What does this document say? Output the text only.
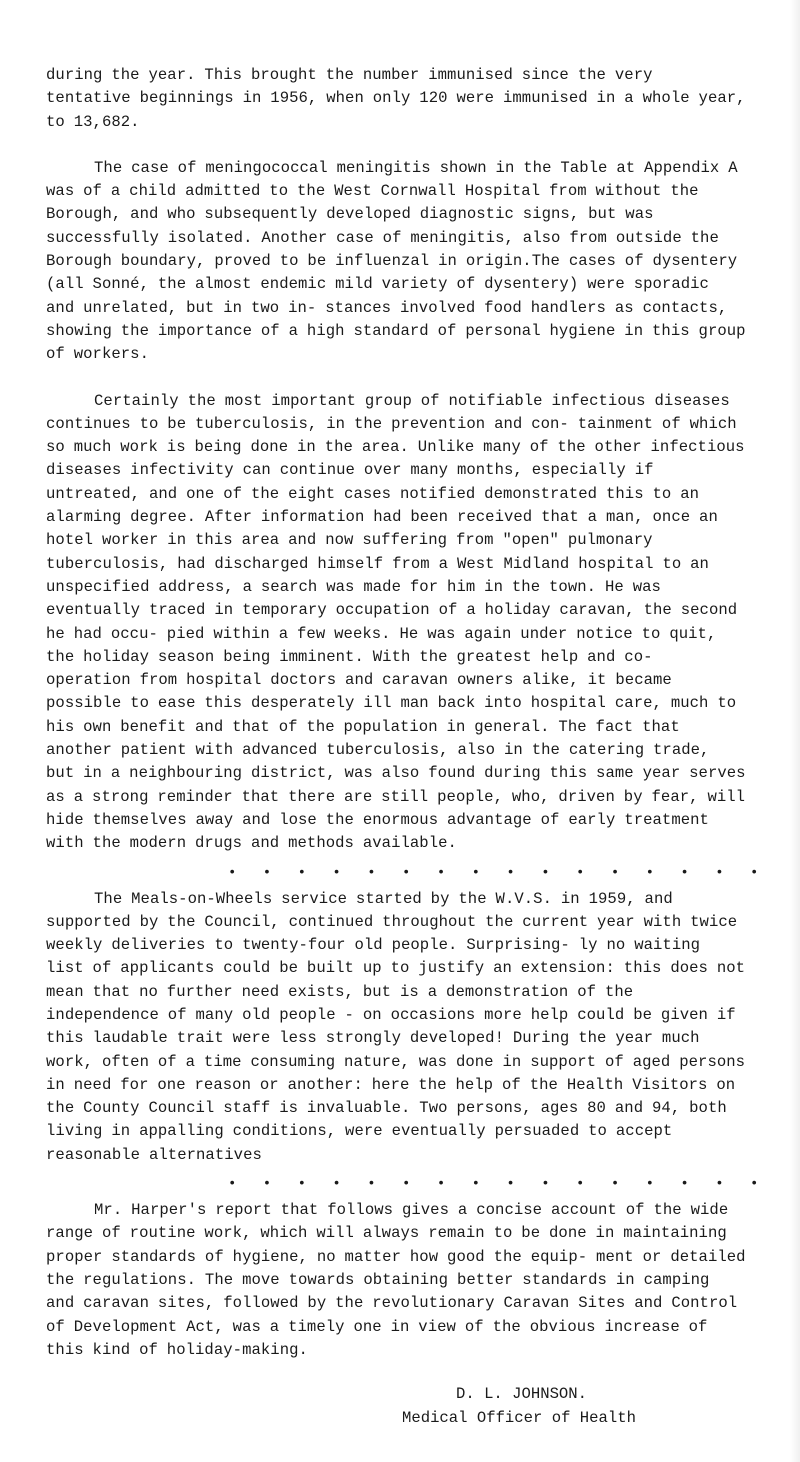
during the year. This brought the number immunised since the very tentative beginnings in 1956, when only 120 were immunised in a whole year, to 13,682.
The case of meningococcal meningitis shown in the Table at Appendix A was of a child admitted to the West Cornwall Hospital from without the Borough, and who subsequently developed diagnostic signs, but was successfully isolated. Another case of meningitis, also from outside the Borough boundary, proved to be influenzal in origin.The cases of dysentery (all Sonné, the almost endemic mild variety of dysentery) were sporadic and unrelated, but in two in- stances involved food handlers as contacts, showing the importance of a high standard of personal hygiene in this group of workers.
Certainly the most important group of notifiable infectious diseases continues to be tuberculosis, in the prevention and con- tainment of which so much work is being done in the area. Unlike many of the other infectious diseases infectivity can continue over many months, especially if untreated, and one of the eight cases notified demonstrated this to an alarming degree. After information had been received that a man, once an hotel worker in this area and now suffering from "open" pulmonary tuberculosis, had discharged himself from a West Midland hospital to an unspecified address, a search was made for him in the town. He was eventually traced in temporary occupation of a holiday caravan, the second he had occu- pied within a few weeks. He was again under notice to quit, the holiday season being imminent. With the greatest help and co- operation from hospital doctors and caravan owners alike, it became possible to ease this desperately ill man back into hospital care, much to his own benefit and that of the population in general. The fact that another patient with advanced tuberculosis, also in the catering trade, but in a neighbouring district, was also found during this same year serves as a strong reminder that there are still people, who, driven by fear, will hide themselves away and lose the enormous advantage of early treatment with the modern drugs and methods available.
• • • • • • • • • • • • • • • •
The Meals-on-Wheels service started by the W.V.S. in 1959, and supported by the Council, continued throughout the current year with twice weekly deliveries to twenty-four old people. Surprising- ly no waiting list of applicants could be built up to justify an extension: this does not mean that no further need exists, but is a demonstration of the independence of many old people - on occasions more help could be given if this laudable trait were less strongly developed! During the year much work, often of a time consuming nature, was done in support of aged persons in need for one reason or another: here the help of the Health Visitors on the County Council staff is invaluable. Two persons, ages 80 and 94, both living in appalling conditions, were eventually persuaded to accept reasonable alternatives
• • • • • • • • • • • • • • • •
Mr. Harper's report that follows gives a concise account of the wide range of routine work, which will always remain to be done in maintaining proper standards of hygiene, no matter how good the equip- ment or detailed the regulations. The move towards obtaining better standards in camping and caravan sites, followed by the revolutionary Caravan Sites and Control of Development Act, was a timely one in view of the obvious increase of this kind of holiday-making.
D. L. JOHNSON.
Medical Officer of Health
